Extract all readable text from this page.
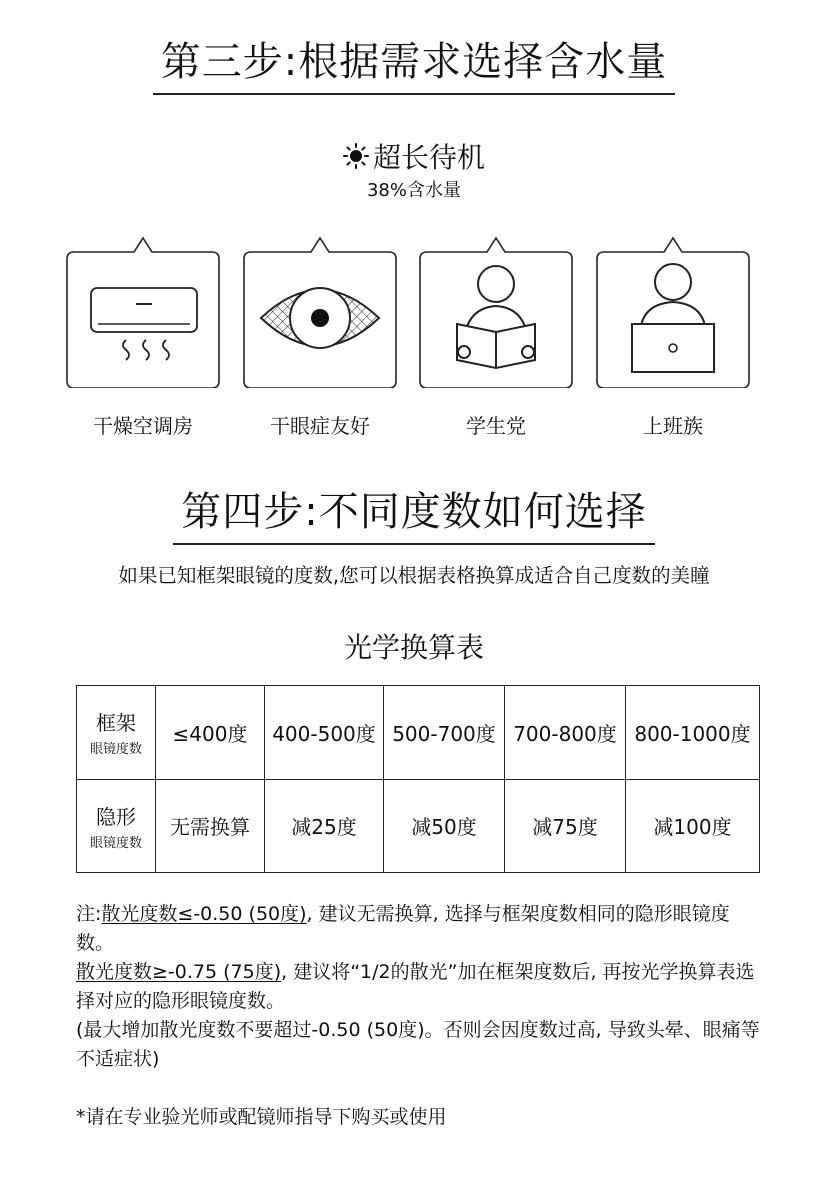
第三步:根据需求选择含水量
超长待机
38%含水量
干燥空调房	干眼症友好	学生党	上班族
第四步:不同度数如何选择
如果已知框架眼镜的度数,您可以根据表格换算成适合自己度数的美瞳
光学换算表
框架
眼镜度数	≤400度	400-500度	500-700度	700-800度	800-1000度

隐形
眼镜度数	无需换算	减25度	减50度	减75度	减100度

注:散光度数≤-0.50 (50度), 建议无需换算, 选择与框架度数相同的隐形眼镜度数。

散光度数≥-0.75 (75度), 建议将“1/2的散光”加在框架度数后, 再按光学换算表选择对应的隐形眼镜度数。

(最大增加散光度数不要超过-0.50 (50度)。否则会因度数过高, 导致头晕、眼痛等不适症状)

*请在专业验光师或配镜师指导下购买或使用
